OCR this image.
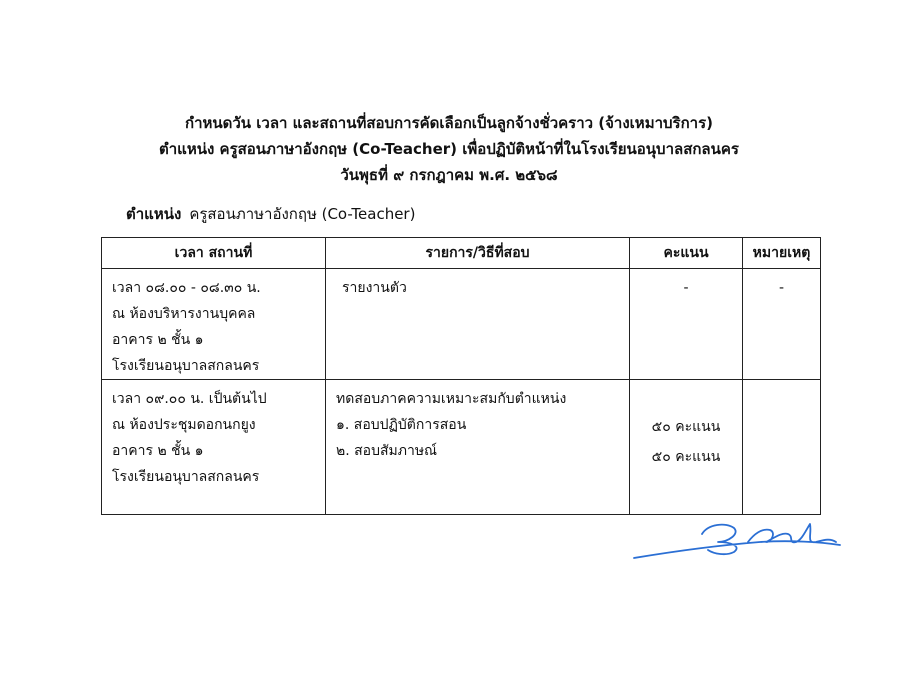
กำหนดวัน เวลา และสถานที่สอบการคัดเลือกเป็นลูกจ้างชั่วคราว (จ้างเหมาบริการ)
ตำแหน่ง ครูสอนภาษาอังกฤษ (Co-Teacher) เพื่อปฏิบัติหน้าที่ในโรงเรียนอนุบาลสกลนคร
วันพุธที่ ๙ กรกฎาคม พ.ศ. ๒๕๖๘
ตำแหน่ง ครูสอนภาษาอังกฤษ (Co-Teacher)
เวลา สถานที่	รายการ/วิธีที่สอบ	คะแนน	หมายเหตุ

เวลา ๐๘.๐๐ - ๐๘.๓๐ น.
ณ ห้องบริหารงานบุคคล
อาคาร ๒ ชั้น ๑
โรงเรียนอนุบาลสกลนคร	รายงานตัว	-	-

เวลา ๐๙.๐๐ น. เป็นต้นไป
ณ ห้องประชุมดอกนกยูง
อาคาร ๒ ชั้น ๑
โรงเรียนอนุบาลสกลนคร	ทดสอบภาคความเหมาะสมกับตำแหน่ง
๑. สอบปฏิบัติการสอน
๒. สอบสัมภาษณ์	๕๐ คะแนน
๕๐ คะแนน	
